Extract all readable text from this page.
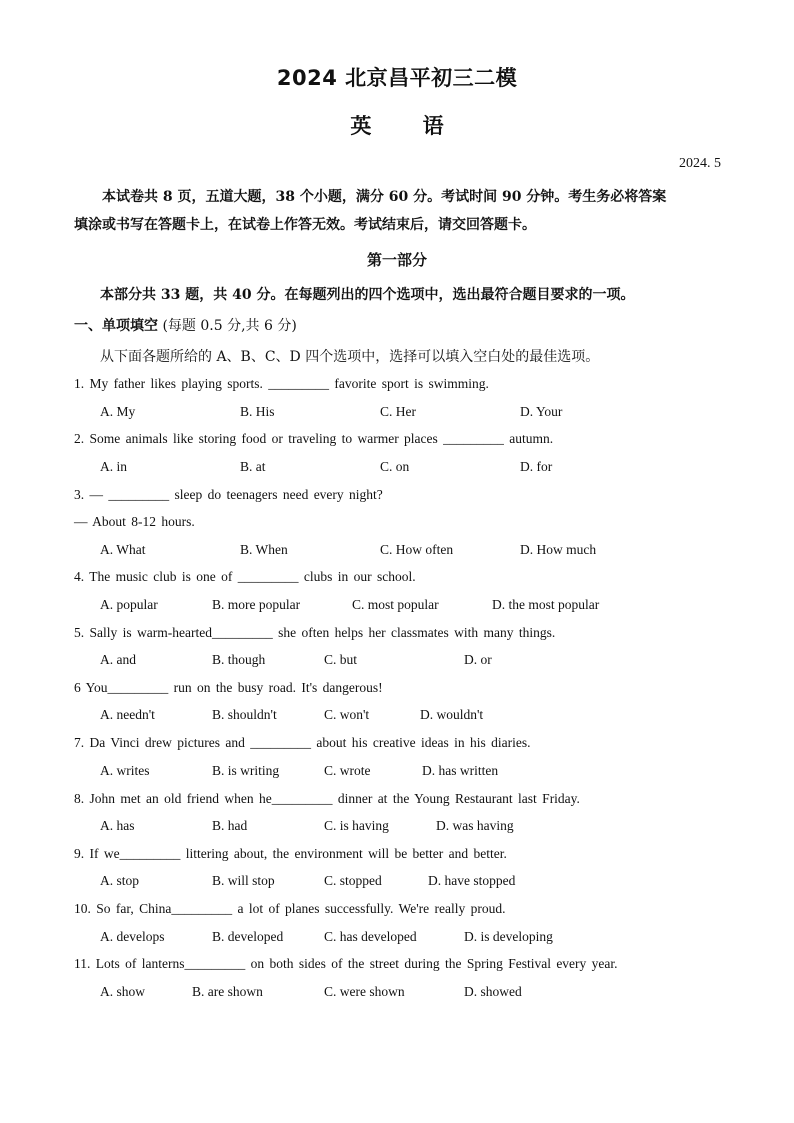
2024 北京昌平初三二模
英 语
2024. 5
本试卷共 8 页，五道大题，38 个小题，满分 60 分。考试时间 90 分钟。考生务必将答案
填涂或书写在答题卡上，在试卷上作答无效。考试结束后，请交回答题卡。
第一部分
本部分共 33 题，共 40 分。在每题列出的四个选项中，选出最符合题目要求的一项。
一、单项填空 (每题 0.5 分,共 6 分)
从下面各题所给的 A、B、C、D 四个选项中，选择可以填入空白处的最佳选项。
1. My father likes playing sports. _________ favorite sport is swimming.
A. My	B. His	C. Her	D. Your
2. Some animals like storing food or traveling to warmer places _________ autumn.
A. in	B. at	C. on	D. for
3. — _________ sleep do teenagers need every night?
— About 8-12 hours.
A. What	B. When	C. How often	D. How much
4. The music club is one of _________ clubs in our school.
A. popular	B. more popular	C. most popular	D. the most popular
5. Sally is warm-hearted_________ she often helps her classmates with many things.
A. and	B. though	C. but	D. or
6 You_________ run on the busy road. It's dangerous!
A. needn't	B. shouldn't	C. won't	D. wouldn't
7. Da Vinci drew pictures and _________ about his creative ideas in his diaries.
A. writes	B. is writing	C. wrote	D. has written
8. John met an old friend when he_________ dinner at the Young Restaurant last Friday.
A. has	B. had	C. is having	D. was having
9. If we_________ littering about, the environment will be better and better.
A. stop	B. will stop	C. stopped	D. have stopped
10. So far, China_________ a lot of planes successfully. We're really proud.
A. develops	B. developed	C. has developed	D. is developing
11. Lots of lanterns_________ on both sides of the street during the Spring Festival every year.
A. show	B. are shown	C. were shown	D. showed
